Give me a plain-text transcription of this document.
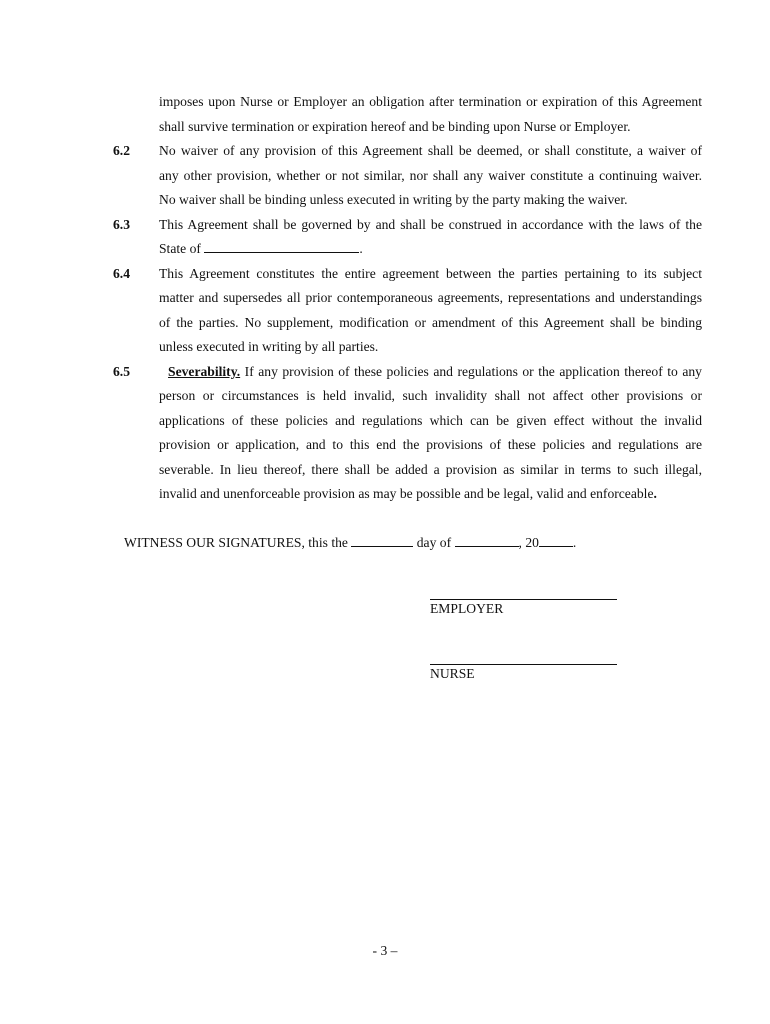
imposes upon Nurse or Employer an obligation after termination or expiration of this Agreement
shall survive termination or expiration hereof and be binding upon Nurse or Employer.
6.2 No waiver of any provision of this Agreement shall be deemed, or shall constitute, a waiver of
any other provision, whether or not similar, nor shall any waiver constitute a continuing waiver.
No waiver shall be binding unless executed in writing by the party making the waiver.
6.3 This Agreement shall be governed by and shall be construed in accordance with the laws of the
State of	.
6.4 This Agreement constitutes the entire agreement between the parties pertaining to its subject
matter and supersedes all prior contemporaneous agreements, representations and understandings
of the parties. No supplement, modification or amendment of this Agreement shall be binding
unless executed in writing by all parties.
6.5	Severability. If any provision of these policies and regulations or the application thereof to any
person or circumstances is held invalid, such invalidity shall not affect other provisions or
applications of these policies and regulations which can be given effect without the invalid
provision or application, and to this end the provisions of these policies and regulations are
severable. In lieu thereof, there shall be added a provision as similar in terms to such illegal,
invalid and unenforceable provision as may be possible and be legal, valid and enforceable.
WITNESS OUR SIGNATURES, this the	day of	, 20	.
EMPLOYER
NURSE
- 3 –
